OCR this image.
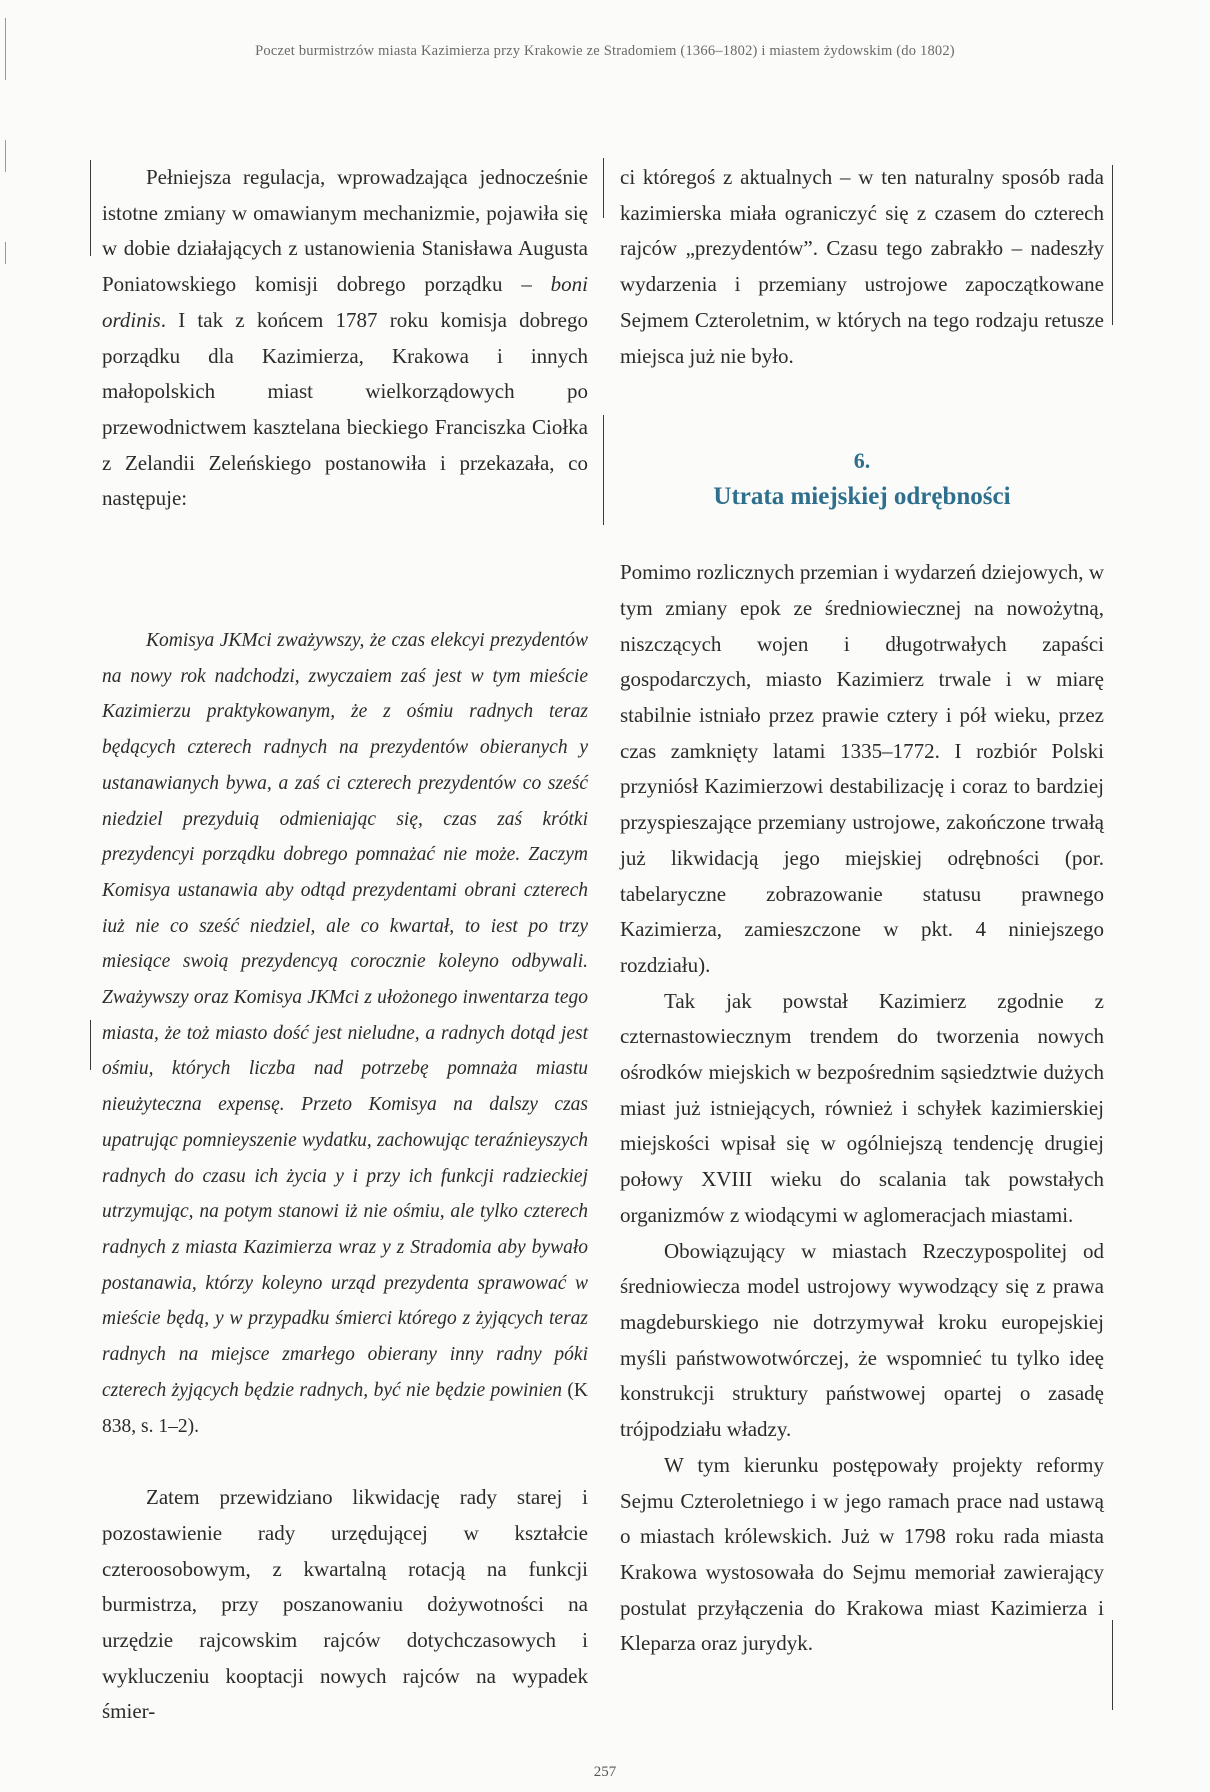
Poczet burmistrzów miasta Kazimierza przy Krakowie ze Stradomiem (1366–1802) i miastem żydowskim (do 1802)

Pełniejsza regulacja, wprowadzająca jednocześnie istotne zmiany w omawianym mechanizmie, pojawiła się w dobie działających z ustanowienia Stanisława Augusta Poniatowskiego komisji dobrego porządku – boni ordinis. I tak z końcem 1787 roku komisja dobrego porządku dla Kazimierza, Krakowa i innych małopolskich miast wielkorządowych po przewodnictwem kasztelana bieckiego Franciszka Ciołka z Zelandii Zeleńskiego postanowiła i przekazała, co następuje:

Komisya JKMci zważywszy, że czas elekcyi prezydentów na nowy rok nadchodzi, zwyczaiem zaś jest w tym mieście Kazimierzu praktykowanym, że z ośmiu radnych teraz będących czterech radnych na prezydentów obieranych y ustanawianych bywa, a zaś ci czterech prezydentów co sześć niedziel prezyduią odmieniając się, czas zaś krótki prezydencyi porządku dobrego pomnażać nie może. Zaczym Komisya ustanawia aby odtąd prezydentami obrani czterech iuż nie co sześć niedziel, ale co kwartał, to iest po trzy miesiące swoią prezydencyą corocznie koleyno odbywali. Zważywszy oraz Komisya JKMci z ułożonego inwentarza tego miasta, że toż miasto dość jest nieludne, a radnych dotąd jest ośmiu, których liczba nad potrzebę pomnaża miastu nieużyteczna expensę. Przeto Komisya na dalszy czas upatrując pomnieyszenie wydatku, zachowując teraźnieyszych radnych do czasu ich życia y i przy ich funkcji radzieckiej utrzymując, na potym stanowi iż nie ośmiu, ale tylko czterech radnych z miasta Kazimierza wraz y z Stradomia aby bywało postanawia, którzy koleyno urząd prezydenta sprawować w mieście będą, y w przypadku śmierci którego z żyjących teraz radnych na miejsce zmarłego obierany inny radny póki czterech żyjących będzie radnych, być nie będzie powinien (K 838, s. 1–2).

Zatem przewidziano likwidację rady starej i pozostawienie rady urzędującej w kształcie czteroosobowym, z kwartalną rotacją na funkcji burmistrza, przy poszanowaniu dożywotności na urzędzie rajcowskim rajców dotychczasowych i wykluczeniu kooptacji nowych rajców na wypadek śmier-

ci któregoś z aktualnych – w ten naturalny sposób rada kazimierska miała ograniczyć się z czasem do czterech rajców „prezydentów”. Czasu tego zabrakło – nadeszły wydarzenia i przemiany ustrojowe zapoczątkowane Sejmem Czteroletnim, w których na tego rodzaju retusze miejsca już nie było.

6.
Utrata miejskiej odrębności

Pomimo rozlicznych przemian i wydarzeń dziejowych, w tym zmiany epok ze średniowiecznej na nowożytną, niszczących wojen i długotrwałych zapaści gospodarczych, miasto Kazimierz trwale i w miarę stabilnie istniało przez prawie cztery i pół wieku, przez czas zamknięty latami 1335–1772. I rozbiór Polski przyniósł Kazimierzowi destabilizację i coraz to bardziej przyspieszające przemiany ustrojowe, zakończone trwałą już likwidacją jego miejskiej odrębności (por. tabelaryczne zobrazowanie statusu prawnego Kazimierza, zamieszczone w pkt. 4 niniejszego rozdziału).

Tak jak powstał Kazimierz zgodnie z czternastowiecznym trendem do tworzenia nowych ośrodków miejskich w bezpośrednim sąsiedztwie dużych miast już istniejących, również i schyłek kazimierskiej miejskości wpisał się w ogólniejszą tendencję drugiej połowy XVIII wieku do scalania tak powstałych organizmów z wiodącymi w aglomeracjach miastami.

Obowiązujący w miastach Rzeczypospolitej od średniowiecza model ustrojowy wywodzący się z prawa magdeburskiego nie dotrzymywał kroku europejskiej myśli państwowotwórczej, że wspomnieć tu tylko ideę konstrukcji struktury państwowej opartej o zasadę trójpodziału władzy.

W tym kierunku postępowały projekty reformy Sejmu Czteroletniego i w jego ramach prace nad ustawą o miastach królewskich. Już w 1798 roku rada miasta Krakowa wystosowała do Sejmu memoriał zawierający postulat przyłączenia do Krakowa miast Kazimierza i Kleparza oraz jurydyk.

257
